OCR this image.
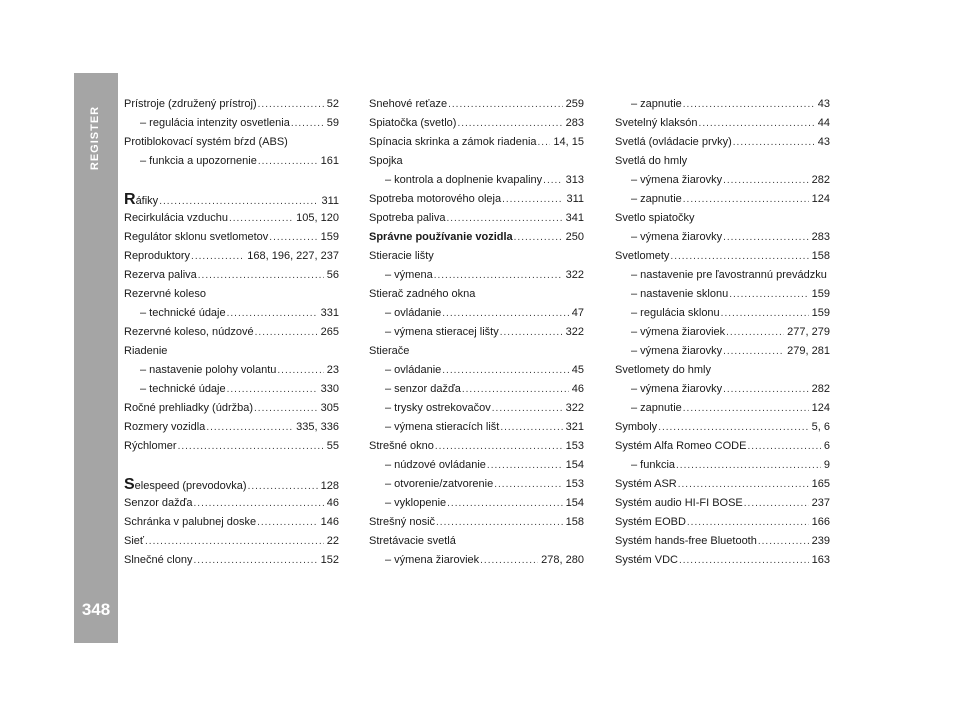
REGISTER
348
Prístroje (združený prístroj) .....	52
– regulácia intenzity osvetlenia .....	59
Protiblokovací systém bŕzd (ABS)
– funkcia a upozornenie .....	161
Ráfiky .....	311
Recirkulácia vzduchu .....	105, 120
Regulátor sklonu svetlometov .....	159
Reproduktory .....	168, 196, 227, 237
Rezerva paliva .....	56
Rezervné koleso
– technické údaje .....	331
Rezervné koleso, núdzové .....	265
Riadenie
– nastavenie polohy volantu .....	23
– technické údaje .....	330
Ročné prehliadky (údržba) .....	305
Rozmery vozidla .....	335, 336
Rýchlomer .....	55
Selespeed (prevodovka) .....	128
Senzor dažďa .....	46
Schránka v palubnej doske .....	146
Sieť .....	22
Slnečné clony .....	152
Snehové reťaze .....	259
Spiatočka (svetlo) .....	283
Spínacia skrinka a zámok riadenia ..... 14, 15
Spojka
– kontrola a doplnenie kvapaliny ..... 313
Spotreba motorového oleja .....	311
Spotreba paliva .....	341
Správne používanie vozidla .....	250
Stieracie lišty
– výmena .....	322
Stierač zadného okna
– ovládanie .....	47
– výmena stieracej lišty .....	322
Stierače
– ovládanie .....	45
– senzor dažďa .....	46
– trysky ostrekovačov .....	322
– výmena stieracích lišt .....	321
Strešné okno .....	153
– núdzové ovládanie .....	154
– otvorenie/zatvorenie .....	153
– vyklopenie .....	154
Strešný nosič .....	158
Stretávacie svetlá
– výmena žiaroviek .....	278, 280
– zapnutie .....	43
Svetelný klaksón .....	44
Svetlá (ovládacie prvky) .....	43
Svetlá do hmly
– výmena žiarovky .....	282
– zapnutie .....	124
Svetlo spiatočky
– výmena žiarovky .....	283
Svetlomety .....	158
– nastavenie pre ľavostrannú prevádzku
– nastavenie sklonu .....	159
– regulácia sklonu .....	159
– výmena žiaroviek .....	277, 279
– výmena žiarovky .....	279, 281
Svetlomety do hmly
– výmena žiarovky .....	282
– zapnutie .....	124
Symboly .....	5, 6
Systém Alfa Romeo CODE .....	6
– funkcia .....	9
Systém ASR .....	165
Systém audio HI-FI BOSE .....	237
Systém EOBD .....	166
Systém hands-free Bluetooth .....	239
Systém VDC .....	163
